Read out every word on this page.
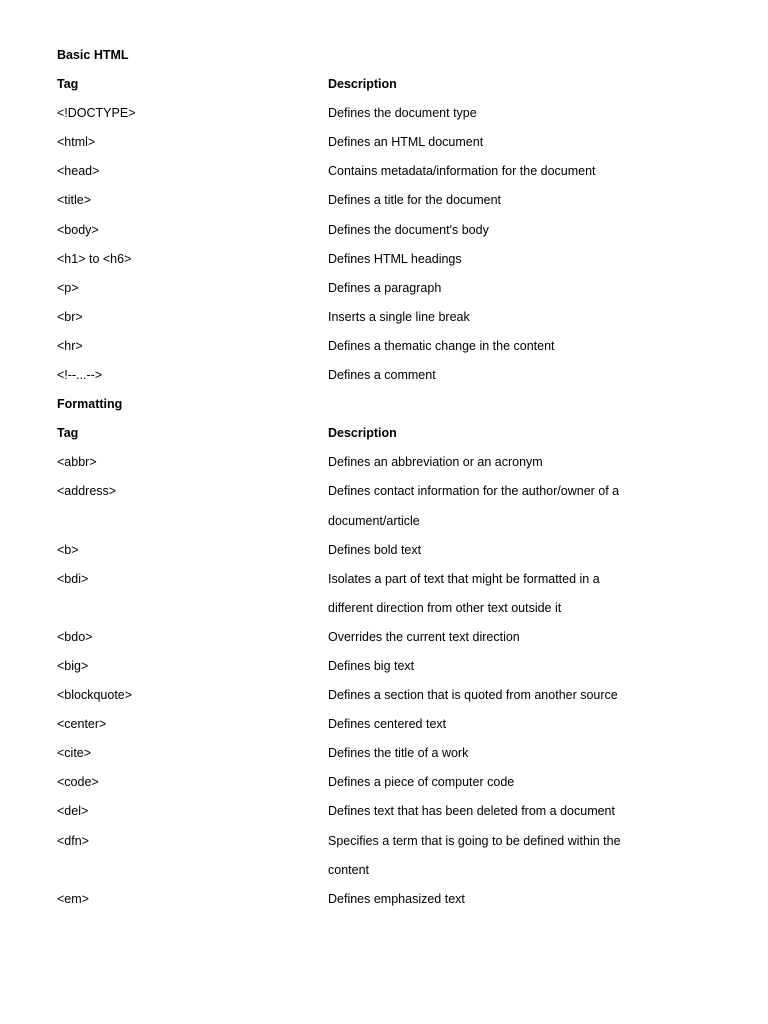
Basic HTML
Tag	Description
<!DOCTYPE>	Defines the document type
<html>	Defines an HTML document
<head>	Contains metadata/information for the document
<title>	Defines a title for the document
<body>	Defines the document's body
<h1> to <h6>	Defines HTML headings
<p>	Defines a paragraph
<br>	Inserts a single line break
<hr>	Defines a thematic change in the content
<!--...-->	Defines a comment
Formatting
Tag	Description
<abbr>	Defines an abbreviation or an acronym
<address>	Defines contact information for the author/owner of a
document/article
<b>	Defines bold text
<bdi>	Isolates a part of text that might be formatted in a
different direction from other text outside it
<bdo>	Overrides the current text direction
<big>	Defines big text
<blockquote>	Defines a section that is quoted from another source
<center>	Defines centered text
<cite>	Defines the title of a work
<code>	Defines a piece of computer code
<del>	Defines text that has been deleted from a document
<dfn>	Specifies a term that is going to be defined within the
content
<em>	Defines emphasized text
